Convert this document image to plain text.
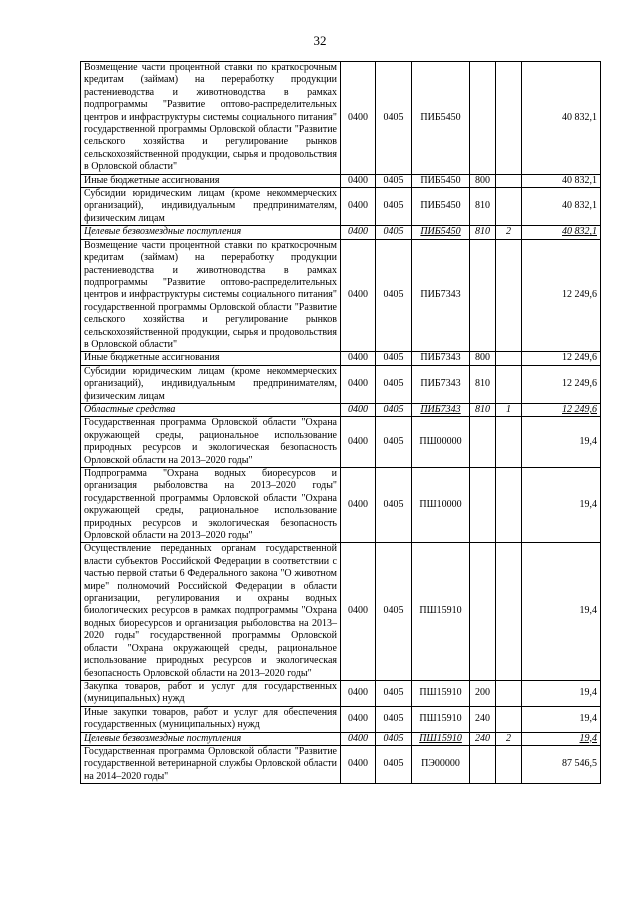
32
Возмещение части процентной ставки по краткосрочным кредитам (займам) на переработку продукции растениеводства и животноводства в рамках подпрограммы "Развитие оптово-распределительных центров и инфраструктуры системы социального питания" государственной программы Орловской области "Развитие сельского хозяйства и регулирование рынков сельскохозяйственной продукции, сырья и продовольствия в Орловской области"	0400	0405	ПИБ5450			40 832,1
Иные бюджетные ассигнования	0400	0405	ПИБ5450	800		40 832,1
Субсидии юридическим лицам (кроме некоммерческих организаций), индивидуальным предпринимателям, физическим лицам	0400	0405	ПИБ5450	810		40 832,1
Целевые безвозмездные поступления	0400	0405	ПИБ5450	810	2	40 832,1
Возмещение части процентной ставки по краткосрочным кредитам (займам) на переработку продукции растениеводства и животноводства в рамках подпрограммы "Развитие оптово-распределительных центров и инфраструктуры системы социального питания" государственной программы Орловской области "Развитие сельского хозяйства и регулирование рынков сельскохозяйственной продукции, сырья и продовольствия в Орловской области"	0400	0405	ПИБ7343			12 249,6
Иные бюджетные ассигнования	0400	0405	ПИБ7343	800		12 249,6
Субсидии юридическим лицам (кроме некоммерческих организаций), индивидуальным предпринимателям, физическим лицам	0400	0405	ПИБ7343	810		12 249,6
Областные средства	0400	0405	ПИБ7343	810	1	12 249,6
Государственная программа Орловской области "Охрана окружающей среды, рациональное использование природных ресурсов и экологическая безопасность Орловской области на 2013–2020 годы"	0400	0405	ПШ00000			19,4
Подпрограмма "Охрана водных биоресурсов и организация рыболовства на 2013–2020 годы" государственной программы Орловской области "Охрана окружающей среды, рациональное использование природных ресурсов и экологическая безопасность Орловской области на 2013–2020 годы"	0400	0405	ПШ10000			19,4
Осуществление переданных органам государственной власти субъектов Российской Федерации в соответствии с частью первой статьи 6 Федерального закона "О животном мире" полномочий Российской Федерации в области организации, регулирования и охраны водных биологических ресурсов в рамках подпрограммы "Охрана водных биоресурсов и организация рыболовства на 2013–2020 годы" государственной программы Орловской области "Охрана окружающей среды, рациональное использование природных ресурсов и экологическая безопасность Орловской области на 2013–2020 годы"	0400	0405	ПШ15910			19,4
Закупка товаров, работ и услуг для государственных (муниципальных) нужд	0400	0405	ПШ15910	200		19,4
Иные закупки товаров, работ и услуг для обеспечения государственных (муниципальных) нужд	0400	0405	ПШ15910	240		19,4
Целевые безвозмездные поступления	0400	0405	ПШ15910	240	2	19,4
Государственная программа Орловской области "Развитие государственной ветеринарной службы Орловской области на 2014–2020 годы"	0400	0405	ПЭ00000			87 546,5
